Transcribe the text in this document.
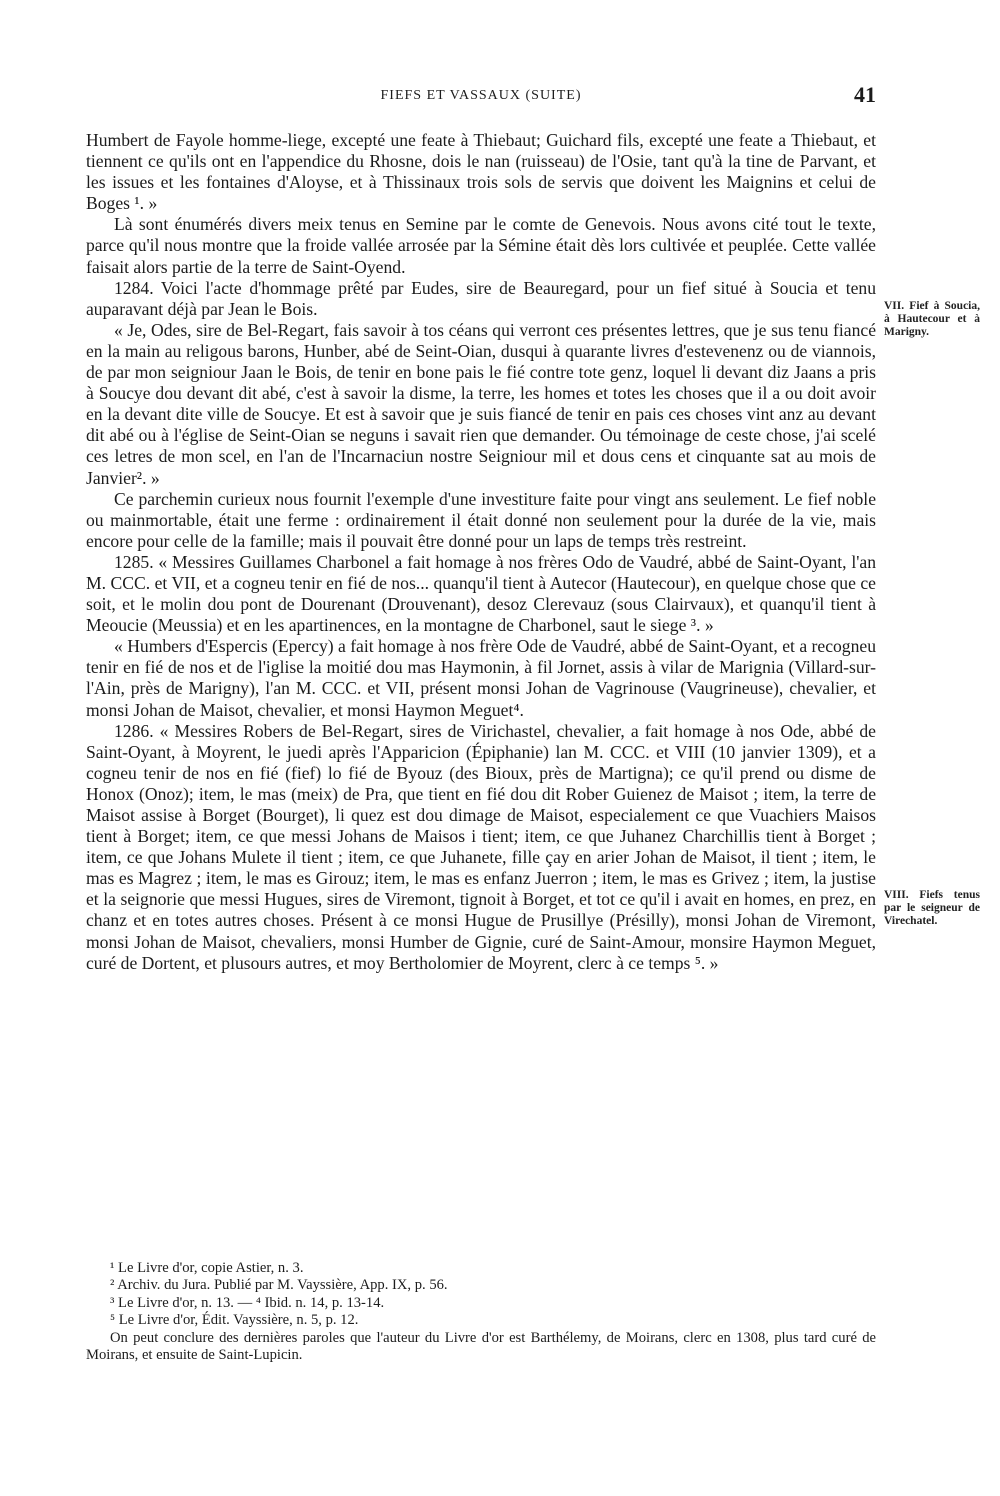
FIEFS ET VASSAUX (SUITE)	41

Humbert de Fayole homme-liege, excepté une feate à Thiebaut; Guichard fils, excepté une feate a Thiebaut, et tiennent ce qu'ils ont en l'appendice du Rhosne, dois le nan (ruisseau) de l'Osie, tant qu'à la tine de Parvant, et les issues et les fontaines d'Aloyse, et à Thissinaux trois sols de servis que doivent les Maignins et celui de Boges ¹. »

Là sont énumérés divers meix tenus en Semine par le comte de Genevois. Nous avons cité tout le texte, parce qu'il nous montre que la froide vallée arrosée par la Sémine était dès lors cultivée et peuplée. Cette vallée faisait alors partie de la terre de Saint-Oyend.

1284. Voici l'acte d'hommage prêté par Eudes, sire de Beauregard, pour un fief situé à Soucia et tenu auparavant déjà par Jean le Bois.

« Je, Odes, sire de Bel-Regart, fais savoir à tos céans qui verront ces présentes lettres, que je sus tenu fiancé en la main au religous barons, Hunber, abé de Seint-Oian, dusqui à quarante livres d'estevenenz ou de viannois, de par mon seigniour Jaan le Bois, de tenir en bone pais le fié contre tote genz, loquel li devant diz Jaans a pris à Soucye dou devant dit abé, c'est à savoir la disme, la terre, les homes et totes les choses que il a ou doit avoir en la devant dite ville de Soucye. Et est à savoir que je suis fiancé de tenir en pais ces choses vint anz au devant dit abé ou à l'église de Seint-Oian se neguns i savait rien que demander. Ou témoinage de ceste chose, j'ai scelé ces letres de mon scel, en l'an de l'Incarnaciun nostre Seigniour mil et dous cens et cinquante sat au mois de Janvier². »

Ce parchemin curieux nous fournit l'exemple d'une investiture faite pour vingt ans seulement. Le fief noble ou mainmortable, était une ferme : ordinairement il était donné non seulement pour la durée de la vie, mais encore pour celle de la famille; mais il pouvait être donné pour un laps de temps très restreint.

1285. « Messires Guillames Charbonel a fait homage à nos frères Odo de Vaudré, abbé de Saint-Oyant, l'an M. CCC. et VII, et a cogneu tenir en fié de nos... quanqu'il tient à Autecor (Hautecour), en quelque chose que ce soit, et le molin dou pont de Dourenant (Drouvenant), desoz Clerevauz (sous Clairvaux), et quanqu'il tient à Meoucie (Meussia) et en les apartinences, en la montagne de Charbonel, saut le siege ³. »

« Humbers d'Espercis (Epercy) a fait homage à nos frère Ode de Vaudré, abbé de Saint-Oyant, et a recogneu tenir en fié de nos et de l'iglise la moitié dou mas Haymonin, à fil Jornet, assis à vilar de Marignia (Villard-sur-l'Ain, près de Marigny), l'an M. CCC. et VII, présent monsi Johan de Vagrinouse (Vaugrineuse), chevalier, et monsi Johan de Maisot, chevalier, et monsi Haymon Meguet⁴.

1286. « Messires Robers de Bel-Regart, sires de Virichastel, chevalier, a fait homage à nos Ode, abbé de Saint-Oyant, à Moyrent, le juedi après l'Apparicion (Épiphanie) lan M. CCC. et VIII (10 janvier 1309), et a cogneu tenir de nos en fié (fief) lo fié de Byouz (des Bioux, près de Martigna); ce qu'il prend ou disme de Honox (Onoz); item, le mas (meix) de Pra, que tient en fié dou dit Rober Guienez de Maisot ; item, la terre de Maisot assise à Borget (Bourget), li quez est dou dimage de Maisot, especialement ce que Vuachiers Maisos tient à Borget; item, ce que messi Johans de Maisos i tient; item, ce que Juhanez Charchillis tient à Borget ; item, ce que Johans Mulete il tient ; item, ce que Juhanete, fille çay en arier Johan de Maisot, il tient ; item, le mas es Magrez ; item, le mas es Girouz; item, le mas es enfanz Juerron ; item, le mas es Grivez ; item, la justise et la seignorie que messi Hugues, sires de Viremont, tignoit à Borget, et tot ce qu'il i avait en homes, en prez, en chanz et en totes autres choses. Présent à ce monsi Hugue de Prusillye (Présilly), monsi Johan de Viremont, monsi Johan de Maisot, chevaliers, monsi Humber de Gignie, curé de Saint-Amour, monsire Haymon Meguet, curé de Dortent, et plusours autres, et moy Bertholomier de Moyrent, clerc à ce temps ⁵. »

VII. Fief à Soucia, à Hautecour et à Marigny.
VIII. Fiefs tenus par le seigneur de Virechatel.

¹ Le Livre d'or, copie Astier, n. 3.

² Archiv. du Jura. Publié par M. Vayssière, App. IX, p. 56.

³ Le Livre d'or, n. 13. — ⁴ Ibid. n. 14, p. 13-14.

⁵ Le Livre d'or, Édit. Vayssière, n. 5, p. 12.

On peut conclure des dernières paroles que l'auteur du Livre d'or est Barthélemy, de Moirans, clerc en 1308, plus tard curé de Moirans, et ensuite de Saint-Lupicin.
